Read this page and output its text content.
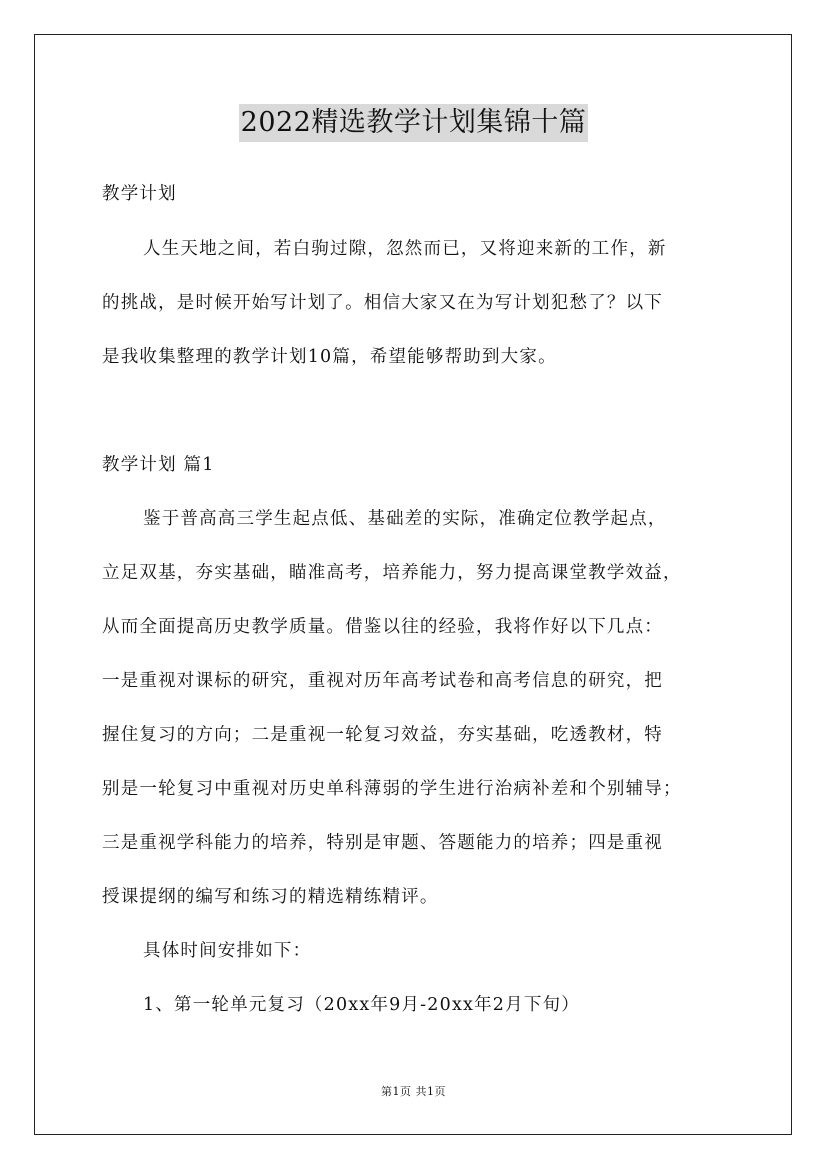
2022精选教学计划集锦十篇
教学计划
人生天地之间，若白驹过隙，忽然而已，又将迎来新的工作，新
的挑战，是时候开始写计划了。相信大家又在为写计划犯愁了？以下
是我收集整理的教学计划10篇，希望能够帮助到大家。
教学计划 篇1
鉴于普高高三学生起点低、基础差的实际，准确定位教学起点，
立足双基，夯实基础，瞄准高考，培养能力，努力提高课堂教学效益，
从而全面提高历史教学质量。借鉴以往的经验，我将作好以下几点：
一是重视对课标的研究，重视对历年高考试卷和高考信息的研究，把
握住复习的方向；二是重视一轮复习效益，夯实基础，吃透教材，特
别是一轮复习中重视对历史单科薄弱的学生进行治病补差和个别辅导；
三是重视学科能力的培养，特别是审题、答题能力的培养；四是重视
授课提纲的编写和练习的精选精练精评。
具体时间安排如下：
1、第一轮单元复习（20xx年9月-20xx年2月下旬）
第1页 共1页
